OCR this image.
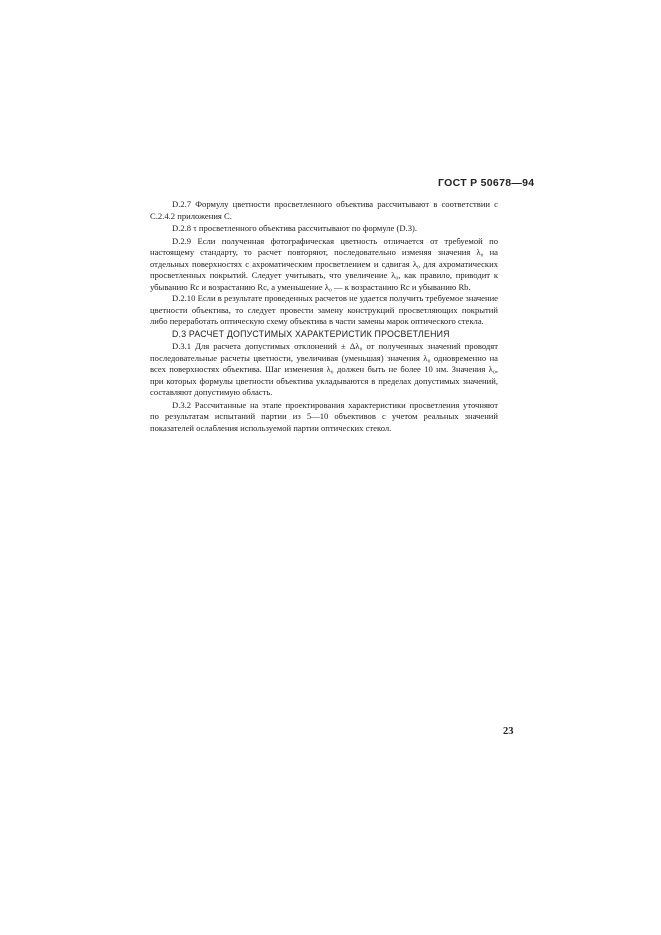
ГОСТ Р 50678—94

D.2.7 Формулу цветности просветленного объектива рассчитывают в соответствии с С.2.4.2 приложения С.

D.2.8 τ просветленного объектива рассчитывают по формуле (D.3).

D.2.9 Если полученная фотографическая цветность отличается от требуемой по настоящему стандарту, то расчет повторяют, последовательно изменяя значения λ₀ на отдельных поверхностях с ахроматическим просветлением и сдвигая λ₀ для ахроматических просветленных покрытий. Следует учитывать, что увеличение λ₀, как правило, приводит к убыванию Rc и возрастанию Rc, а уменьшение λ₀ — к возрастанию Rc и убыванию Rb.

D.2.10 Если в результате проведенных расчетов не удается получить требуемое значение цветности объектива, то следует провести замену конструкций просветляющих покрытий либо переработать оптическую схему объектива в части замены марок оптического стекла.

D.3 РАСЧЕТ ДОПУСТИМЫХ ХАРАКТЕРИСТИК ПРОСВЕТЛЕНИЯ

D.3.1 Для расчета допустимых отклонений ± Δλ₀ от полученных значений проводят последовательные расчеты цветности, увеличивая (уменьшая) значения λ₀ одновременно на всех поверхностях объектива. Шаг изменения λ₀ должен быть не более 10 нм. Значения λ₀, при которых формулы цветности объектива укладываются в пределах допустимых значений, составляют допустимую область.

D.3.2 Рассчитанные на этапе проектирования характеристики просветления уточняют по результатам испытаний партии из 5—10 объективов с учетом реальных значений показателей ослабления используемой партии оптических стекол.

23
